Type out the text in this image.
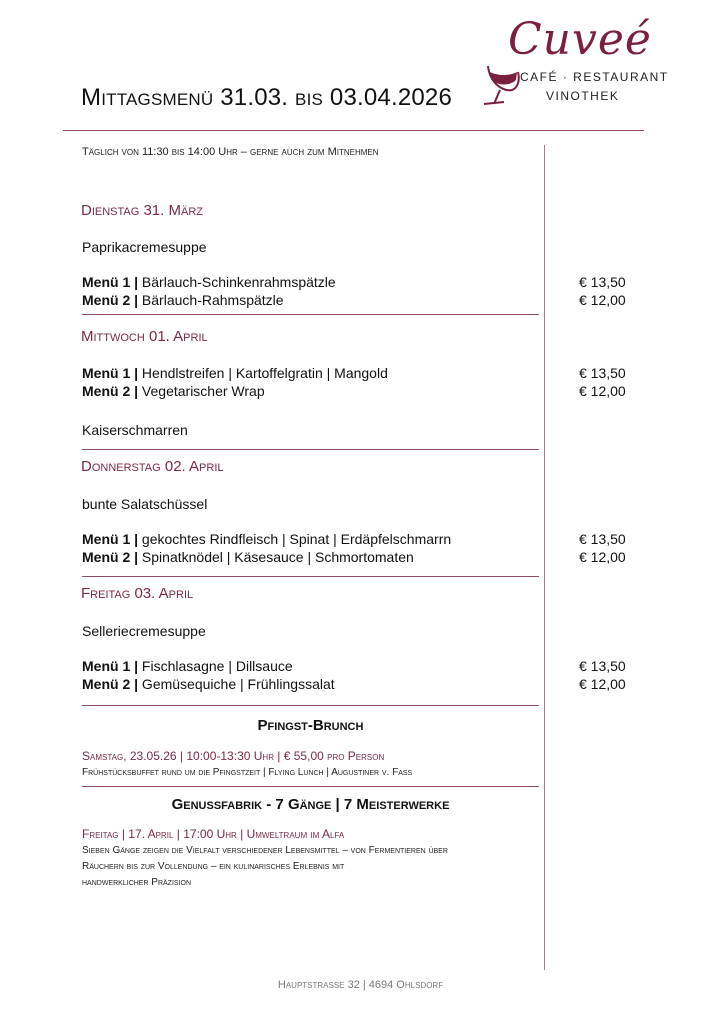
Mittagsmenü 31.03. bis 03.04.2026
Cuveé
CAFÉ · RESTAURANT
VINOTHEK
Täglich von 11:30 bis 14:00 Uhr – gerne auch zum Mitnehmen
Dienstag 31. März
Paprikacremesuppe
Menü 1 | Bärlauch-Schinkenrahmspätzle	€ 13,50
Menü 2 | Bärlauch-Rahmspätzle	€ 12,00
Mittwoch 01. April
Menü 1 | Hendlstreifen | Kartoffelgratin | Mangold	€ 13,50
Menü 2 | Vegetarischer Wrap	€ 12,00
Kaiserschmarren
Donnerstag 02. April
bunte Salatschüssel
Menü 1 | gekochtes Rindfleisch | Spinat | Erdäpfelschmarrn	€ 13,50
Menü 2 | Spinatknödel | Käsesauce | Schmortomaten	€ 12,00
Freitag 03. April
Selleriecremesuppe
Menü 1 | Fischlasagne | Dillsauce	€ 13,50
Menü 2 | Gemüsequiche | Frühlingssalat	€ 12,00
Pfingst-Brunch
Samstag, 23.05.26 | 10:00-13:30 Uhr | € 55,00 pro Person
Frühstücksbuffet rund um die Pfingstzeit | Flying Lunch | Augustiner v. Faß
Genussfabrik - 7 Gänge | 7 Meisterwerke
Freitag | 17. April | 17:00 Uhr | Umweltraum im Alfa
Sieben Gänge zeigen die Vielfalt verschiedener Lebensmittel – von Fermentieren über
Räuchern bis zur Vollendung – ein kulinarisches Erlebnis mit
handwerklicher Präzision
Hauptstraße 32 | 4694 Ohlsdorf
